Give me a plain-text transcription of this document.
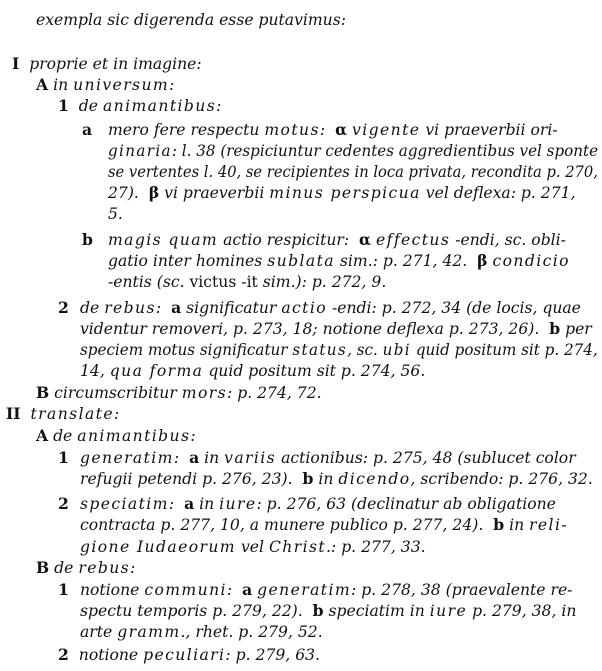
exempla sic digerenda esse putavimus:
I proprie et in imagine:
A in universum:
1 de animantibus:
a mero fere respectu motus: α vigente vi praeverbii ori-
ginaria: l. 38 (respiciuntur cedentes aggredientibus vel sponte
se vertentes l. 40, se recipientes in loca privata, recondita p. 270,
27). β vi praeverbii minus perspicua vel deflexa: p. 271,
5.
b magis quam actio respicitur: α effectus -endi, sc. obli-
gatio inter homines sublata sim.: p. 271, 42. β condicio
-entis (sc. victus -it sim.): p. 272, 9.
2 de rebus: a significatur actio -endi: p. 272, 34 (de locis, quae
videntur removeri, p. 273, 18; notione deflexa p. 273, 26). b per
speciem motus significatur status, sc. ubi quid positum sit p. 274,
14, qua forma quid positum sit p. 274, 56.
B circumscribitur mors: p. 274, 72.
II translate:
A de animantibus:
1 generatim: a in variis actionibus: p. 275, 48 (sublucet color
refugii petendi p. 276, 23). b in dicendo, scribendo: p. 276, 32.
2 speciatim: a in iure: p. 276, 63 (declinatur ab obligatione
contracta p. 277, 10, a munere publico p. 277, 24). b in reli-
gione Iudaeorum vel Christ.: p. 277, 33.
B de rebus:
1 notione communi: a generatim: p. 278, 38 (praevalente re-
spectu temporis p. 279, 22). b speciatim in iure p. 279, 38, in
arte gramm., rhet. p. 279, 52.
2 notione peculiari: p. 279, 63.
